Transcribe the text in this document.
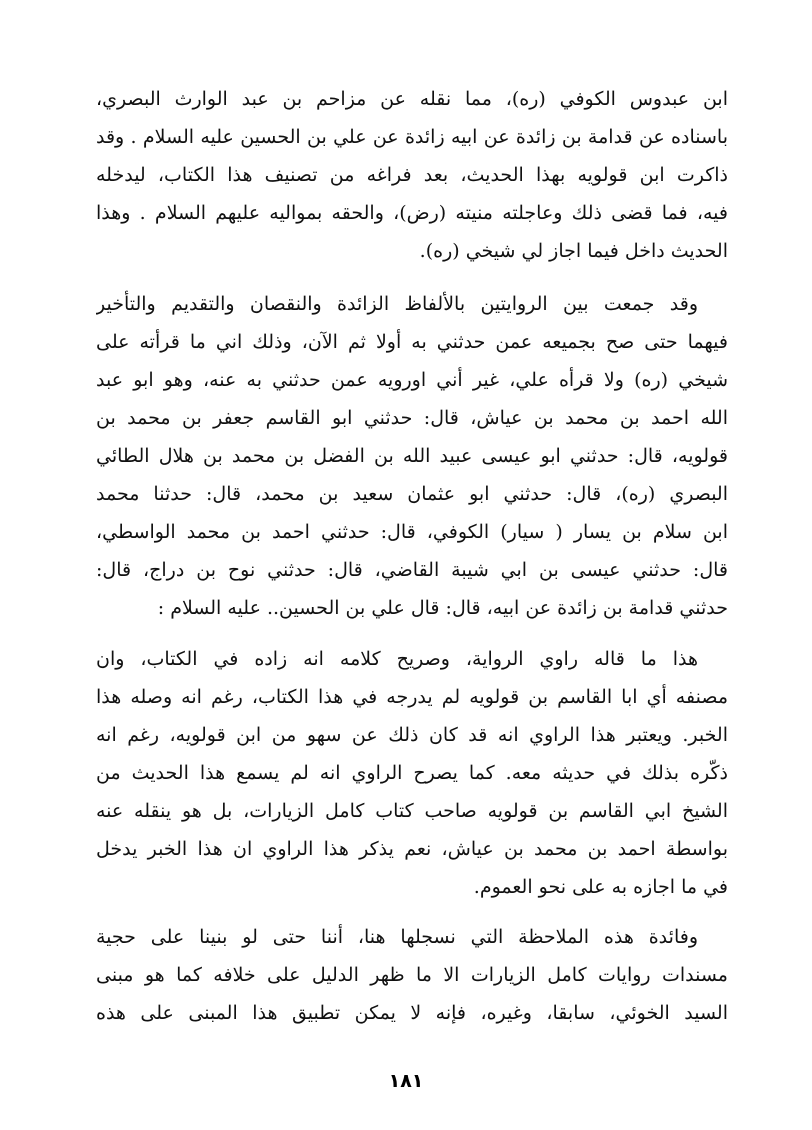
ابن عبدوس الكوفي (ره)، مما نقله عن مزاحم بن عبد الوارث البصري،
باسناده عن قدامة بن زائدة عن ابيه زائدة عن علي بن الحسين عليه السلام . وقد
ذاكرت ابن قولويه بهذا الحديث، بعد فراغه من تصنيف هذا الكتاب، ليدخله
فيه، فما قضى ذلك وعاجلته منيته (رض)، والحقه بمواليه عليهم السلام . وهذا
الحديث داخل فيما اجاز لي شيخي (ره).
وقد جمعت بين الروايتين بالألفاظ الزائدة والنقصان والتقديم والتأخير
فيهما حتى صح بجميعه عمن حدثني به أولا ثم الآن، وذلك اني ما قرأته على
شيخي (ره) ولا قرأه علي، غير أني اورويه عمن حدثني به عنه، وهو ابو عبد
الله احمد بن محمد بن عياش، قال: حدثني ابو القاسم جعفر بن محمد بن
قولويه، قال: حدثني ابو عيسى عبيد الله بن الفضل بن محمد بن هلال الطائي
البصري (ره)، قال: حدثني ابو عثمان سعيد بن محمد، قال: حدثنا محمد
ابن سلام بن يسار ( سيار) الكوفي، قال: حدثني احمد بن محمد الواسطي،
قال: حدثني عيسى بن ابي شيبة القاضي، قال: حدثني نوح بن دراج، قال:
حدثني قدامة بن زائدة عن ابيه، قال: قال علي بن الحسين.. عليه السلام :
هذا ما قاله راوي الرواية، وصريح كلامه انه زاده في الكتاب، وان
مصنفه أي ابا القاسم بن قولويه لم يدرجه في هذا الكتاب، رغم انه وصله هذا
الخبر. ويعتبر هذا الراوي انه قد كان ذلك عن سهو من ابن قولويه، رغم انه
ذكّره بذلك في حديثه معه. كما يصرح الراوي انه لم يسمع هذا الحديث من
الشيخ ابي القاسم بن قولويه صاحب كتاب كامل الزيارات، بل هو ينقله عنه
بواسطة احمد بن محمد بن عياش، نعم يذكر هذا الراوي ان هذا الخبر يدخل
في ما اجازه به على نحو العموم.
وفائدة هذه الملاحظة التي نسجلها هنا، أننا حتى لو بنينا على حجية
مسندات روايات كامل الزيارات الا ما ظهر الدليل على خلافه كما هو مبنى
السيد الخوئي، سابقا، وغيره، فإنه لا يمكن تطبيق هذا المبنى على هذه
١٨١
